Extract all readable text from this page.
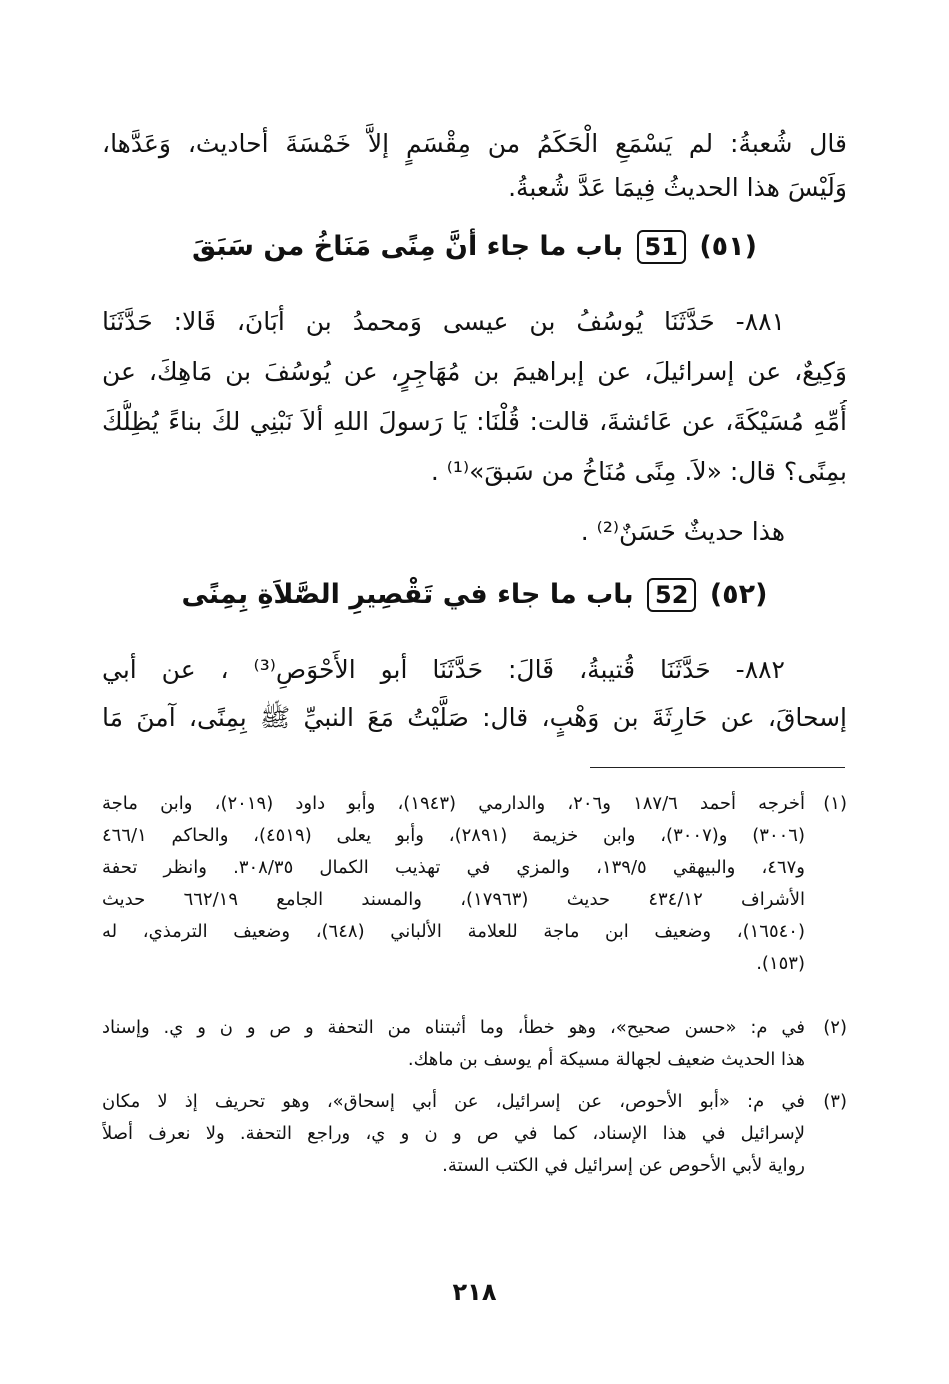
قال شُعبةُ: لم يَسْمَعِ الْحَكَمُ من مِقْسَمٍ إلاَّ خَمْسَةَ أحاديث، وَعَدَّها،
وَلَيْسَ هذا الحديثُ فِيمَا عَدَّ شُعبةُ.
(٥١) 51 باب ما جاء أنَّ مِنًى مَنَاخُ من سَبَقَ
٨٨١- حَدَّثَنَا يُوسُفُ بن عيسى وَمحمدُ بن أبَانَ، قَالا: حَدَّثَنَا
وَكِيعٌ، عن إسرائيلَ، عن إبراهيمَ بن مُهَاجِرٍ، عن يُوسُفَ بن مَاهِكَ، عن
أُمِّهِ مُسَيْكَةَ، عن عَائشةَ، قالت: قُلْنَا: يَا رَسولَ اللهِ ألاَ نَبْنِي لكَ بناءً يُظِلُّكَ
بمِنًى؟ قال: «لاَ. مِنًى مُنَاخُ من سَبقَ»⁽¹⁾ .
هذا حديثٌ حَسَنٌ⁽²⁾ .
(٥٢) 52 باب ما جاء في تَقْصِيرِ الصَّلاَةِ بِمِنًى
٨٨٢- حَدَّثَنَا قُتيبةُ، قَالَ: حَدَّثَنَا أبو الأَحْوَصِ⁽³⁾ ، عن أبي
إسحاقَ، عن حَارِثَةَ بن وَهْبٍ، قال: صَلَّيْتُ مَعَ النبيِّ ﷺ بِمِنًى، آمنَ مَا
(١)
أخرجه أحمد ١٨٧/٦ و٢٠٦، والدارمي (١٩٤٣)، وأبو داود (٢٠١٩)، وابن ماجة
(٣٠٠٦) و(٣٠٠٧)، وابن خزيمة (٢٨٩١)، وأبو يعلى (٤٥١٩)، والحاكم ٤٦٦/١
و٤٦٧، والبيهقي ١٣٩/٥، والمزي في تهذيب الكمال ٣٠٨/٣٥. وانظر تحفة
الأشراف ٤٣٤/١٢ حديث (١٧٩٦٣)، والمسند الجامع ٦٦٢/١٩ حديث
(١٦٥٤٠)، وضعيف ابن ماجة للعلامة الألباني (٦٤٨)، وضعيف الترمذي، له
(١٥٣).
(٢)
في م: «حسن صحيح»، وهو خطأ، وما أثبتناه من التحفة و ص و ن و ي. وإسناد
هذا الحديث ضعيف لجهالة مسيكة أم يوسف بن ماهك.
(٣)
في م: «أبو الأحوص، عن إسرائيل، عن أبي إسحاق»، وهو تحريف إذ لا مكان
لإسرائيل في هذا الإسناد، كما في ص و ن و ي، وراجع التحفة. ولا نعرف أصلاً
رواية لأبي الأحوص عن إسرائيل في الكتب الستة.
٢١٨
